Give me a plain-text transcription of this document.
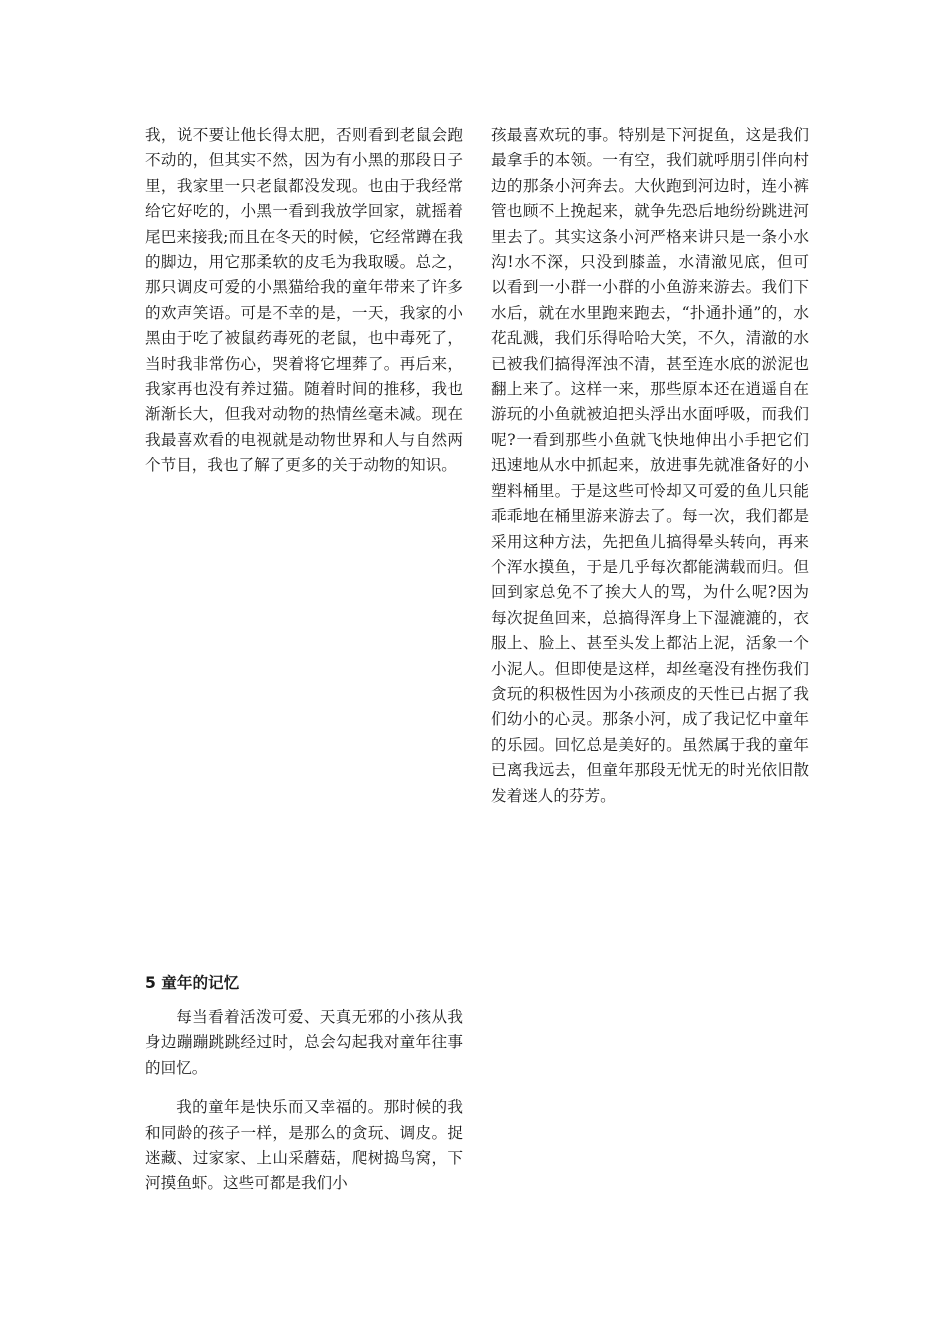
我，说不要让他长得太肥，否则看到老鼠会跑不动的，但其实不然，因为有小黑的那段日子里，我家里一只老鼠都没发现。也由于我经常给它好吃的，小黑一看到我放学回家，就摇着尾巴来接我;而且在冬天的时候，它经常蹲在我的脚边，用它那柔软的皮毛为我取暖。总之，那只调皮可爱的小黑猫给我的童年带来了许多的欢声笑语。可是不幸的是，一天，我家的小黑由于吃了被鼠药毒死的老鼠，也中毒死了，当时我非常伤心，哭着将它埋葬了。再后来，我家再也没有养过猫。随着时间的推移，我也渐渐长大，但我对动物的热情丝毫未减。现在我最喜欢看的电视就是动物世界和人与自然两个节目，我也了解了更多的关于动物的知识。

孩最喜欢玩的事。特别是下河捉鱼，这是我们最拿手的本领。一有空，我们就呼朋引伴向村边的那条小河奔去。大伙跑到河边时，连小裤管也顾不上挽起来，就争先恐后地纷纷跳进河里去了。其实这条小河严格来讲只是一条小水沟!水不深，只没到膝盖，水清澈见底，但可以看到一小群一小群的小鱼游来游去。我们下水后，就在水里跑来跑去，“扑通扑通”的，水花乱溅，我们乐得哈哈大笑，不久，清澈的水已被我们搞得浑浊不清，甚至连水底的淤泥也翻上来了。这样一来，那些原本还在逍遥自在游玩的小鱼就被迫把头浮出水面呼吸，而我们呢?一看到那些小鱼就飞快地伸出小手把它们迅速地从水中抓起来，放进事先就准备好的小塑料桶里。于是这些可怜却又可爱的鱼儿只能乖乖地在桶里游来游去了。每一次，我们都是采用这种方法，先把鱼儿搞得晕头转向，再来个浑水摸鱼，于是几乎每次都能满载而归。但回到家总免不了挨大人的骂，为什么呢?因为每次捉鱼回来，总搞得浑身上下湿漉漉的，衣服上、脸上、甚至头发上都沾上泥，活象一个小泥人。但即使是这样，却丝毫没有挫伤我们贪玩的积极性因为小孩顽皮的天性已占据了我们幼小的心灵。那条小河，成了我记忆中童年的乐园。回忆总是美好的。虽然属于我的童年已离我远去，但童年那段无忧无的时光依旧散发着迷人的芬芳。

5 童年的记忆

每当看着活泼可爱、天真无邪的小孩从我身边蹦蹦跳跳经过时，总会勾起我对童年往事的回忆。

我的童年是快乐而又幸福的。那时候的我和同龄的孩子一样，是那么的贪玩、调皮。捉迷藏、过家家、上山采蘑菇，爬树捣鸟窝，下河摸鱼虾。这些可都是我们小
